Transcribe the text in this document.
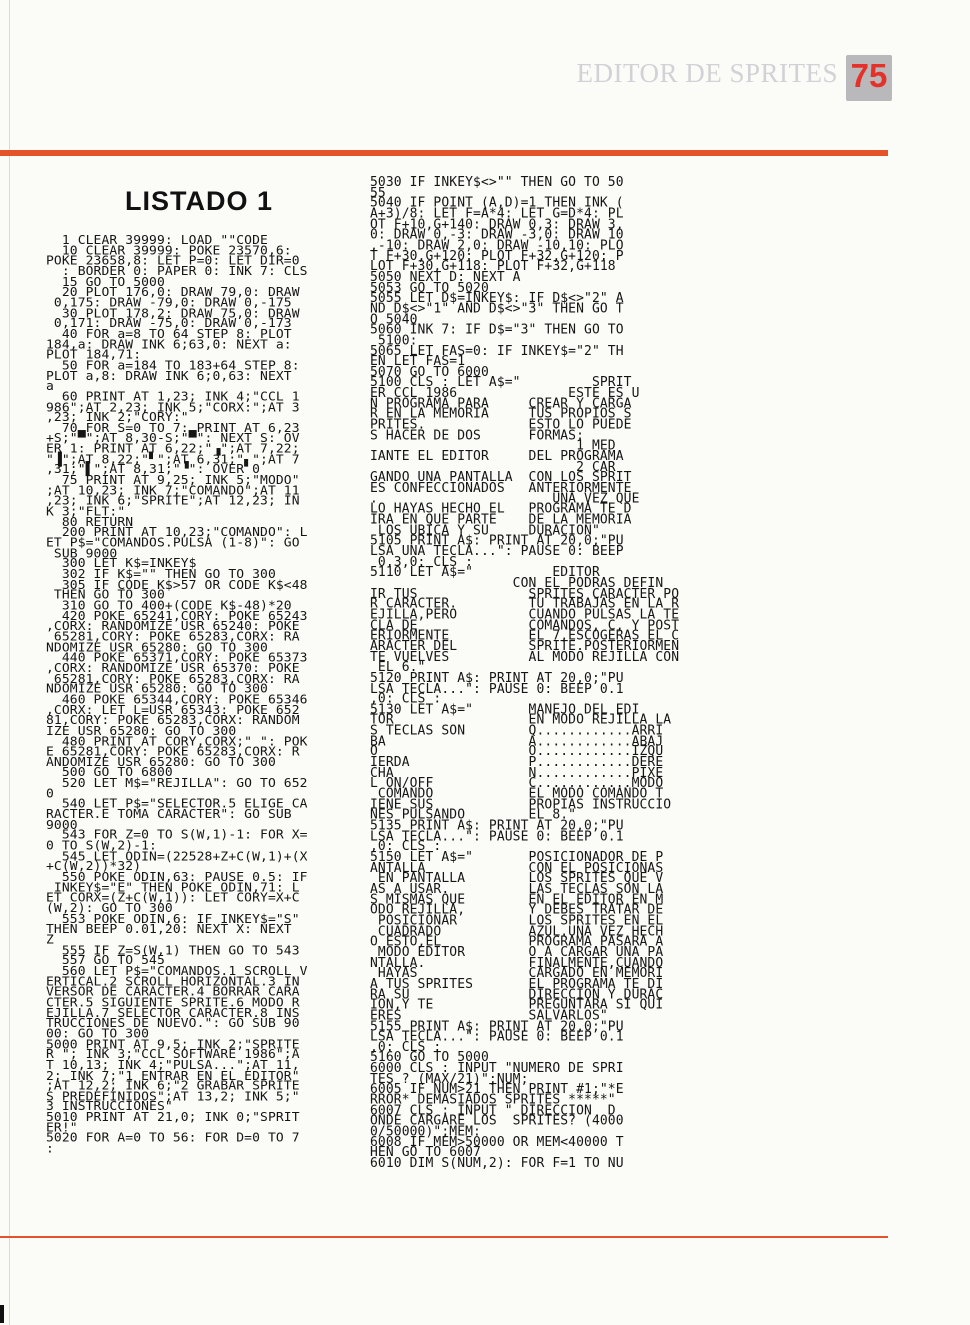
EDITOR DE SPRITES 75
LISTADO 1
1 CLEAR 39999: LOAD ""CODE
10 CLEAR 39999: POKE 23570,6:
POKE 23658,8: LET P=0: LET DIR=0
: BORDER 0: PAPER 0: INK 7: CLS
15 GO TO 5000
20 PLOT 176,0: DRAW 79,0: DRAW
0,175: DRAW -79,0: DRAW 0,-175
30 PLOT 178,2: DRAW 75,0: DRAW
0,171: DRAW -75,0: DRAW 0,-173
40 FOR a=8 TO 64 STEP 8: PLOT
184,a: DRAW INK 6;63,0: NEXT a:
PLOT 184,71:
50 FOR a=184 TO 183+64 STEP 8:
PLOT a,8: DRAW INK 6;0,63: NEXT
a
60 PRINT AT 1,23; INK 4;"CCL 1
986";AT 2,23; INK 5;"CORX:";AT 3
,23; INK 2;"CORY:"
70 FOR S=0 TO 7: PRINT AT 6,23
+S;"▀";AT 8,30-S;"▀": NEXT S: OV
ER 1: PRINT AT 6,22;"▗";AT 7,22;
"▐";AT 8,22;"▘";AT 6,31;"▖";AT 7
,31;"▌";AT 8,31;"▝": OVER 0
75 PRINT AT 9,25; INK 5;"MODO"
;AT 10,23; INK 7;"COMANDO";AT 11
,23; INK 6;"SPRITE";AT 12,23; IN
K 3;"FLT:"
80 RETURN
200 PRINT AT 10,23;"COMANDO": L
ET P$="COMANDOS.PULSA (1-8)": GO
SUB 9000
300 LET K$=INKEY$
302 IF K$="" THEN GO TO 300
305 IF CODE K$>57 OR CODE K$<48
THEN GO TO 300
310 GO TO 400+(CODE K$-48)*20
420 POKE 65241,CORY: POKE 65243
,CORX: RANDOMIZE USR 65240: POKE
65281,CORY: POKE 65283,CORX: RA
NDOMIZE USR 65280: GO TO 300
440 POKE 65371,CORY: POKE 65373
,CORX: RANDOMIZE USR 65370: POKE
65281,CORY: POKE 65283,CORX: RA
NDOMIZE USR 65280: GO TO 300
460 POKE 65344,CORY: POKE 65346
,CORX: LET L=USR 65343: POKE 652
81,CORY: POKE 65283,CORX: RANDOM
IZE USR 65280: GO TO 300
480 PRINT AT CORY,CORX;" ": POK
E 65281,CORY: POKE 65283,CORX: R
ANDOMIZE USR 65280: GO TO 300
500 GO TO 6800
520 LET M$="REJILLA": GO TO 652
0
540 LET P$="SELECTOR.5 ELIGE CA
RACTER.E TOMA CARACTER": GO SUB
9000
543 FOR Z=0 TO S(W,1)-1: FOR X=
0 TO S(W,2)-1:
545 LET ODIN=(22528+Z+C(W,1)+(X
+C(W,2))*32)
550 POKE ODIN,63: PAUSE 0.5: IF
INKEY$="E" THEN POKE ODIN,71: L
ET CORX=(Z+C(W,1)): LET CORY=X+C
(W,2): GO TO 300
553 POKE ODIN,6: IF INKEY$="S"
THEN BEEP 0.01,20: NEXT X: NEXT
Z
555 IF Z=S(W,1) THEN GO TO 543
557 GO TO 545
560 LET P$="COMANDOS.1 SCROLL V
ERTICAL.2 SCROLL HORIZONTAL.3 IN
VERSOR DE CARACTER.4 BORRAR CARA
CTER.5 SIGUIENTE SPRITE.6 MODO R
EJILLA.7 SELECTOR CARACTER.8 INS
TRUCCIONES DE NUEVO.": GO SUB 90
00: GO TO 300
5000 PRINT AT 9,5; INK 2;"SPRITE
R "; INK 3;"CCL SOFTWARE 1986";A
T 10,13; INK 4;"PULSA...";AT 11,
2; INK 7;"1 ENTRAR EN EL EDITOR"
;AT 12,2; INK 6;"2 GRABAR SPRITE
S PREDEFINIDOS";AT 13,2; INK 5;"
3 INSTRUCCIONES"
5010 PRINT AT 21,0; INK 0;"SPRIT
ER!"
5020 FOR A=0 TO 56: FOR D=0 TO 7
:
5030 IF INKEY$<>"" THEN GO TO 50
55
5040 IF POINT (A,D)=1 THEN INK (
A+3)/8: LET F=A*4: LET G=D*4: PL
OT F+10,G+140: DRAW 0,3: DRAW 3,
0: DRAW 0,-3: DRAW -3,0: DRAW 10
,-10: DRAW 2,0: DRAW -10,10: PLO
T F+30,G+120: PLOT F+32,G+120: P
LOT F+30,G+118: PLOT F+32,G+118
5050 NEXT D: NEXT A
5053 GO TO 5020
5055 LET D$=INKEY$: IF D$<>"2" A
ND D$<>"1" AND D$<>"3" THEN GO T
O 5040
5060 INK 7: IF D$="3" THEN GO TO
5100:
5065 LET FAS=0: IF INKEY$="2" TH
EN LET FAS=1
5070 GO TO 6000
5100 CLS : LET A$="         SPRIT
ER CCL 1986              ESTE ES U
N PROGRAMA PARA     CREAR Y CARGA
R EN LA MEMORIA     TUS PROPIOS S
PRITES.             ESTO LO PUEDE
S HACER DE DOS      FORMAS:
1 MED
IANTE EL EDITOR     DEL PROGRAMA
2 CAR
GANDO UNA PANTALLA  CON LOS SPRIT
ES CONFECCIONADOS   ANTERIORMENTE
.                      UNA VEZ QUE
LO HAYAS HECHO EL   PROGRAMA TE D
IRA EN QUE PARTE    DE LA MEMORIA
LOS UBICA Y SU     DURACION"
5105 PRINT A$: PRINT AT 20,0;"PU
LSA UNA TECLA...": PAUSE 0: BEEP
0.3,0: CLS :
5110 LET A$="          EDITOR
CON EL PODRAS DEFIN
IR TUS              SPRITES CARACTER PO
R CARACTER.         TU TRABAJAS EN LA R
EJILLA,PERO         CUANDO PULSAS LA TE
CLA DE              COMANDOS, C, Y POST
ERIORMENTE          EL 7,ESCOGERAS EL C
ARACTER DEL         SPRITE.POSTERIORMEN
TE VUELVES          AL MODO REJILLA CON
EL 6."
5120 PRINT A$: PRINT AT 20,0;"PU
LSA TECLA...": PAUSE 0: BEEP 0.1
,0: CLS :
5130 LET A$="       MANEJO DEL EDI
TOR                 EN MODO REJILLA LA
S TECLAS SON        Q............ARRI
BA                  A............ABAJ
O                   O............IZQU
IERDA               P............DERE
CHA                 N............PIXE
L ON/OFF            C............MODO
COMANDO            EL MODO COMANDO T
IENE SUS            PROPIAS INSTRUCCIO
NES PULSANDO        EL 8."
5135 PRINT A$: PRINT AT 20,0;"PU
LSA TECLA...": PAUSE 0: BEEP 0.1
,0: CLS :
5150 LET A$="       POSICIONADOR DE P
ANTALLA             CON EL POSICIONAS
EN PANTALLA        LOS SPRITES QUE V
AS A USAR.          LAS TECLAS SON LA
S MISMAS QUE        EN EL EDITOR EN M
ODO REJILLA,        Y DEBES TRATAR DE
POSICIONAR         LOS SPRITES EN EL
CUADRADO           AZUL.UNA VEZ HECH
O ESTO,EL           PROGRAMA PASARA A
MODO EDITOR        O A CARGAR UNA PA
NTALLA.             FINALMENTE,CUANDO
HAYAS              CARGADO EN MEMORI
A TUS SPRITES       EL PROGRAMA TE DI
RA SU               DIRECCION Y DURAC
ION,Y TE            PREGUNTARA SI QUI
ERES                SALVARLOS"
5155 PRINT A$: PRINT AT 20,0;"PU
LSA TECLA...": PAUSE 0: BEEP 0.1
,0: CLS :
5160 GO TO 5000
6000 CLS : INPUT "NUMERO DE SPRI
TES ? (MAX/21)";NUM;
6005 IF NUM>21 THEN PRINT #1;"*E
RROR* DEMASIADOS SPRITES *****"
6007 CLS : INPUT " DIRECCION  D
ONDE CARGARE LOS  SPRITES? (4000
0/50000)";MEM:
6008 IF MEM>50000 OR MEM<40000 T
HEN GO TO 6007
6010 DIM S(NUM,2): FOR F=1 TO NU
